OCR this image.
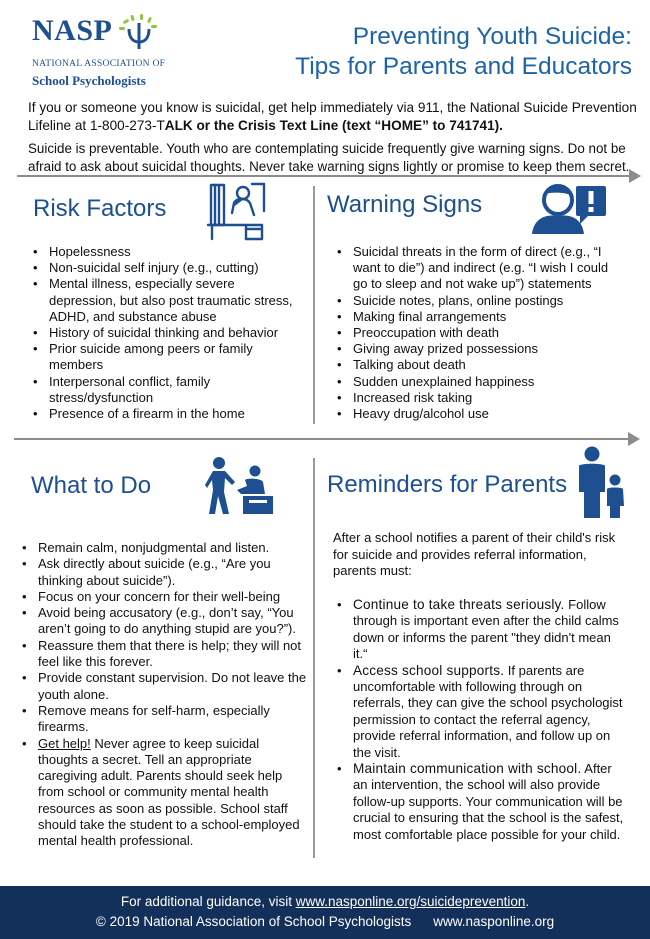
NASP
NATIONAL ASSOCIATION OF
School Psychologists
Preventing Youth Suicide:
Tips for Parents and Educators
If you or someone you know is suicidal, get help immediately via 911, the National Suicide Prevention Lifeline at 1-800-273-TALK or the Crisis Text Line (text “HOME” to 741741).
Suicide is preventable. Youth who are contemplating suicide frequently give warning signs. Do not be afraid to ask about suicidal thoughts. Never take warning signs lightly or promise to keep them secret.
Risk Factors
• Hopelessness
• Non-suicidal self injury (e.g., cutting)
• Mental illness, especially severe depression, but also post traumatic stress, ADHD, and substance abuse
• History of suicidal thinking and behavior
• Prior suicide among peers or family members
• Interpersonal conflict, family stress/dysfunction
• Presence of a firearm in the home
Warning Signs
• Suicidal threats in the form of direct (e.g., “I want to die”) and indirect (e.g. “I wish I could go to sleep and not wake up”) statements
• Suicide notes, plans, online postings
• Making final arrangements
• Preoccupation with death
• Giving away prized possessions
• Talking about death
• Sudden unexplained happiness
• Increased risk taking
• Heavy drug/alcohol use
What to Do
• Remain calm, nonjudgmental and listen.
• Ask directly about suicide (e.g., “Are you thinking about suicide”).
• Focus on your concern for their well-being
• Avoid being accusatory (e.g., don’t say, “You aren’t going to do anything stupid are you?”).
• Reassure them that there is help; they will not feel like this forever.
• Provide constant supervision. Do not leave the youth alone.
• Remove means for self-harm, especially firearms.
• Get help! Never agree to keep suicidal thoughts a secret. Tell an appropriate caregiving adult. Parents should seek help from school or community mental health resources as soon as possible. School staff should take the student to a school-employed mental health professional.
Reminders for Parents
After a school notifies a parent of their child's risk for suicide and provides referral information, parents must:
• Continue to take threats seriously. Follow through is important even after the child calms down or informs the parent "they didn't mean it.“
• Access school supports. If parents are uncomfortable with following through on referrals, they can give the school psychologist permission to contact the referral agency, provide referral information, and follow up on the visit.
• Maintain communication with school. After an intervention, the school will also provide follow-up supports. Your communication will be crucial to ensuring that the school is the safest, most comfortable place possible for your child.
For additional guidance, visit www.nasponline.org/suicideprevention.
© 2019 National Association of School Psychologists www.nasponline.org
